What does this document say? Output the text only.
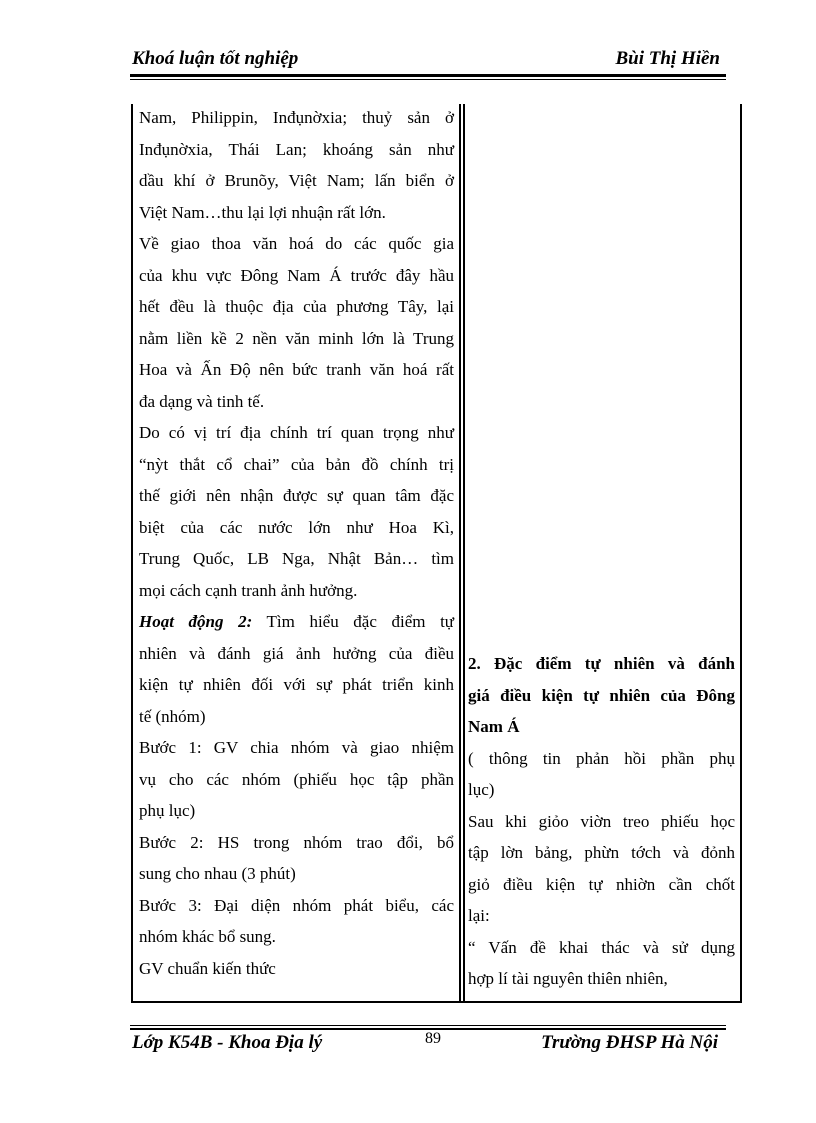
Khoá luận tốt nghiệp	Bùi Thị Hiền
Nam, Philippin, Inđụnờxia; thuỷ sản ở
Inđụnờxia, Thái Lan; khoáng sản như
dầu khí ở Brunõy, Việt Nam; lấn biển ở
Việt Nam…thu lại lợi nhuận rất lớn.
Về giao thoa văn hoá do các quốc gia
của khu vực Đông Nam Á trước đây hầu
hết đều là thuộc địa của phương Tây, lại
nằm liền kề 2 nền văn minh lớn là Trung
Hoa và Ấn Độ nên bức tranh văn hoá rất
đa dạng và tinh tế.
Do có vị trí địa chính trí quan trọng như
“nỳt thắt cổ chai” của bản đồ chính trị
thế giới nên nhận được sự quan tâm đặc
biệt của các nước lớn như Hoa Kì,
Trung Quốc, LB Nga, Nhật Bản… tìm
mọi cách cạnh tranh ảnh hưởng.
Hoạt động 2: Tìm hiểu đặc điểm tự
nhiên và đánh giá ảnh hưởng của điều
kiện tự nhiên đối với sự phát triển kinh
tế (nhóm)
Bước 1: GV chia nhóm và giao nhiệm
vụ cho các nhóm (phiếu học tập phần
phụ lục)
Bước 2: HS trong nhóm trao đổi, bổ
sung cho nhau (3 phút)
Bước 3: Đại diện nhóm phát biểu, các
nhóm khác bổ sung.
GV chuẩn kiến thức
2. Đặc điểm tự nhiên và đánh
giá điều kiện tự nhiên của Đông
Nam Á
( thông tin phản hồi phần phụ
lục)
Sau khi giỏo viờn treo phiếu học
tập lờn bảng, phừn tớch và đỏnh
giỏ điều kiện tự nhiờn cần chốt
lại:
“ Vấn đề khai thác và sử dụng
hợp lí tài nguyên thiên nhiên,
Lớp K54B - Khoa Địa lý	89	Trường ĐHSP Hà Nội
